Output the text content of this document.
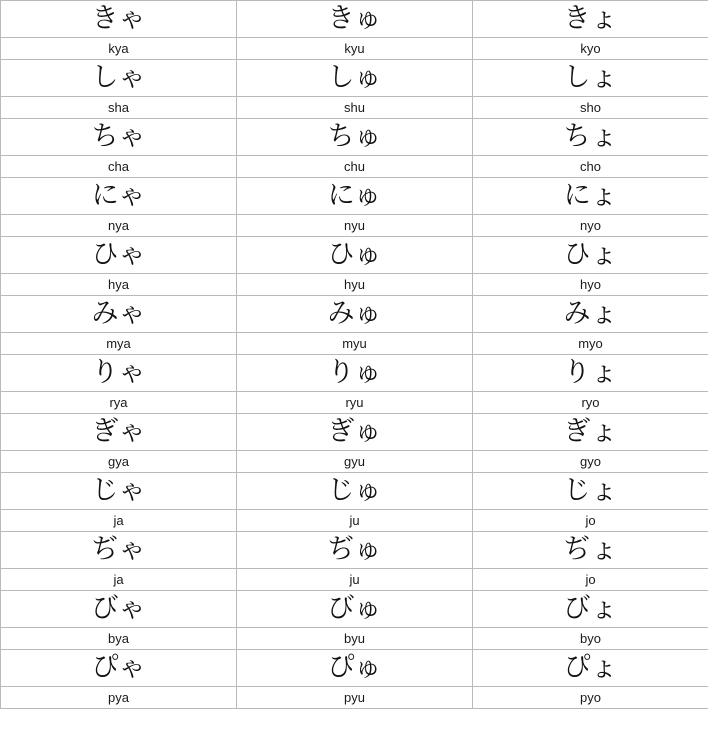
きゃ	きゅ	きょ
kya	kyu	kyo
しゃ	しゅ	しょ
sha	shu	sho
ちゃ	ちゅ	ちょ
cha	chu	cho
にゃ	にゅ	にょ
nya	nyu	nyo
ひゃ	ひゅ	ひょ
hya	hyu	hyo
みゃ	みゅ	みょ
mya	myu	myo
りゃ	りゅ	りょ
rya	ryu	ryo
ぎゃ	ぎゅ	ぎょ
gya	gyu	gyo
じゃ	じゅ	じょ
ja	ju	jo
ぢゃ	ぢゅ	ぢょ
ja	ju	jo
びゃ	びゅ	びょ
bya	byu	byo
ぴゃ	ぴゅ	ぴょ
pya	pyu	pyo
